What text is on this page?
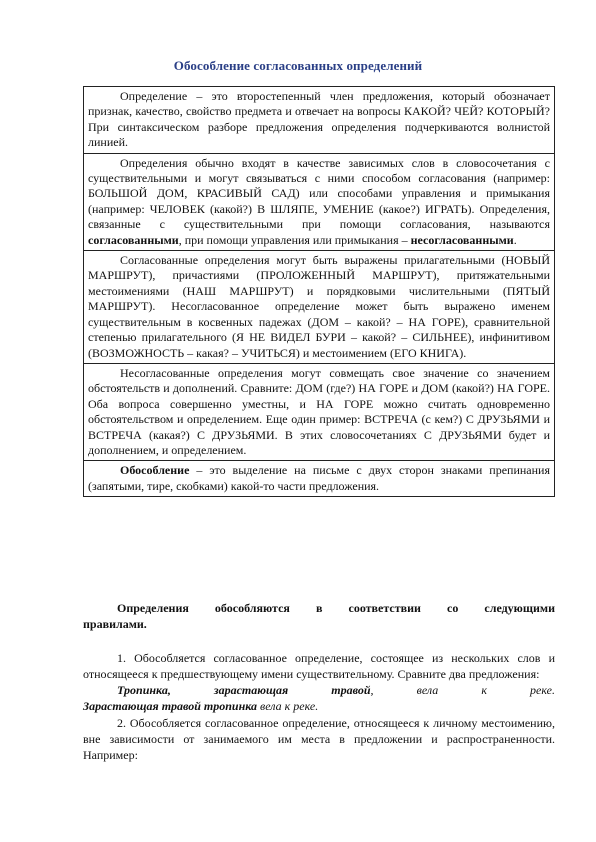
Обособление согласованных определений
Определение – это второстепенный член предложения, который обозначает признак, качество, свойство предмета и отвечает на вопросы КАКОЙ? ЧЕЙ? КОТОРЫЙ? При синтаксическом разборе предложения определения подчеркиваются волнистой линией.
Определения обычно входят в качестве зависимых слов в словосочетания с существительными и могут связываться с ними способом согласования (например: БОЛЬШОЙ ДОМ, КРАСИВЫЙ САД) или способами управления и примыкания (например: ЧЕЛОВЕК (какой?) В ШЛЯПЕ, УМЕНИЕ (какое?) ИГРАТЬ). Определения, связанные с существительными при помощи согласования, называются согласованными, при помощи управления или примыкания – несогласованными.
Согласованные определения могут быть выражены прилагательными (НОВЫЙ МАРШРУТ), причастиями (ПРОЛОЖЕННЫЙ МАРШРУТ), притяжательными местоимениями (НАШ МАРШРУТ) и порядковыми числительными (ПЯТЫЙ МАРШРУТ). Несогласованное определение может быть выражено именем существительным в косвенных падежах (ДОМ – какой? – НА ГОРЕ), сравнительной степенью прилагательного (Я НЕ ВИДЕЛ БУРИ – какой? – СИЛЬНЕЕ), инфинитивом (ВОЗМОЖНОСТЬ – какая? – УЧИТЬСЯ) и местоимением (ЕГО КНИГА).
Несогласованные определения могут совмещать свое значение со значением обстоятельств и дополнений. Сравните: ДОМ (где?) НА ГОРЕ и ДОМ (какой?) НА ГОРЕ. Оба вопроса совершенно уместны, и НА ГОРЕ можно считать одновременно обстоятельством и определением. Еще один пример: ВСТРЕЧА (с кем?) С ДРУЗЬЯМИ и ВСТРЕЧА (какая?) С ДРУЗЬЯМИ. В этих словосочетаниях С ДРУЗЬЯМИ будет и дополнением, и определением.
Обособление – это выделение на письме с двух сторон знаками препинания (запятыми, тире, скобками) какой-то части предложения.

Определения обособляются в соответствии со следующими правилами.

1. Обособляется согласованное определение, состоящее из нескольких слов и относящееся к предшествующему имени существительному. Сравните два предложения:

Тропинка, зарастающая травой, вела к реке.

Зарастающая травой тропинка вела к реке.

2. Обособляется согласованное определение, относящееся к личному местоимению, вне зависимости от занимаемого им места в предложении и распространенности. Например:
